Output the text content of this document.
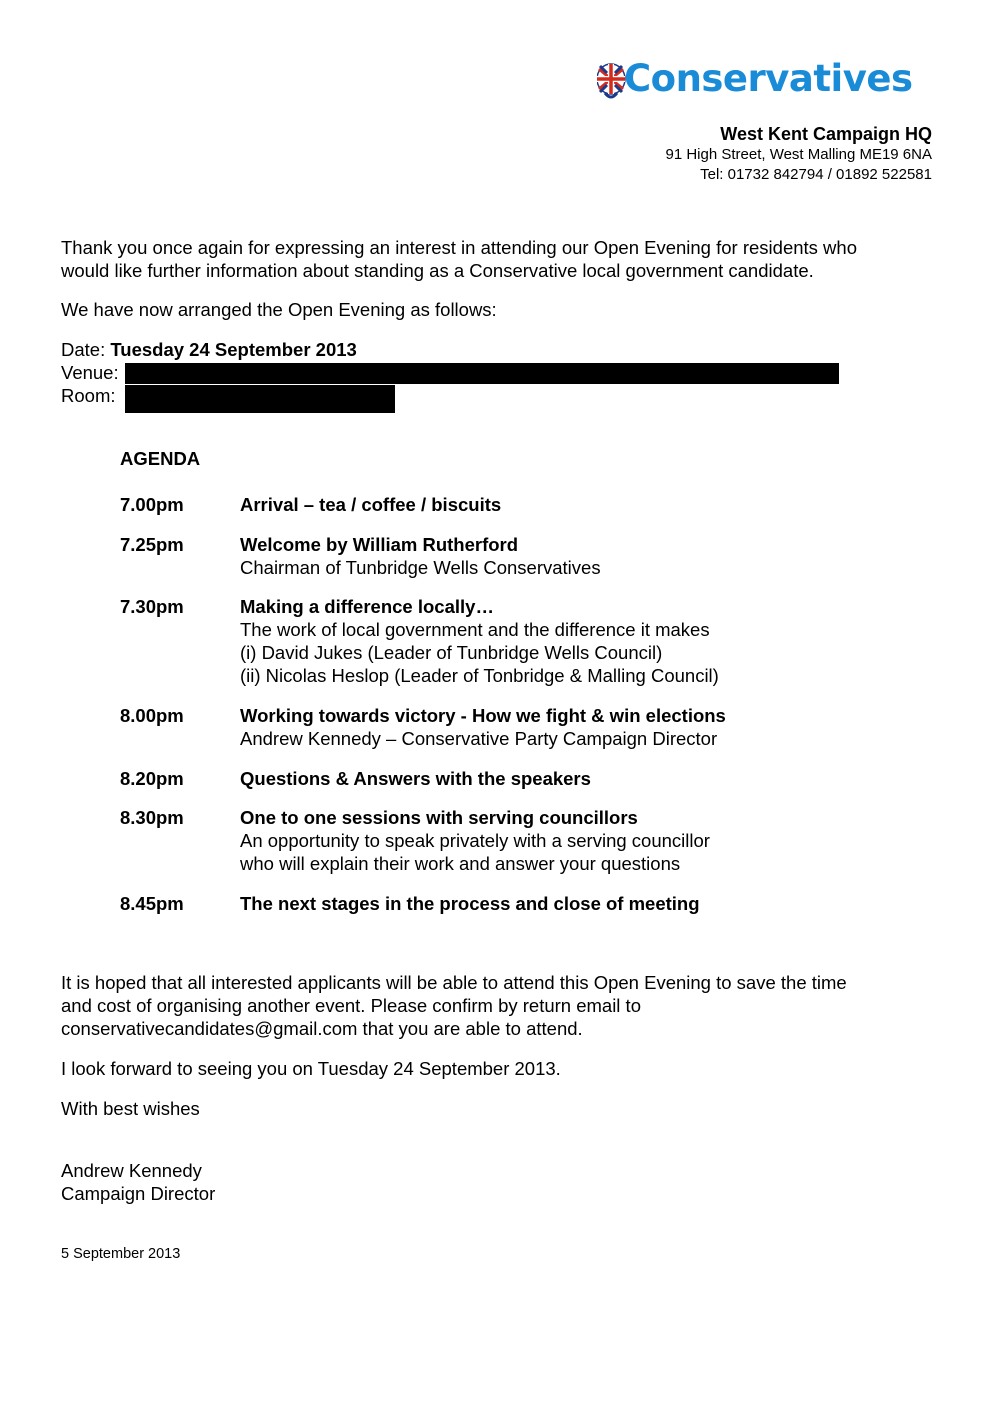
Conservatives
West Kent Campaign HQ
91 High Street, West Malling ME19 6NA
Tel: 01732 842794 / 01892 522581
Thank you once again for expressing an interest in attending our Open Evening for residents who
would like further information about standing as a Conservative local government candidate.
We have now arranged the Open Evening as follows:
Date: Tuesday 24 September 2013
Venue:
Room:
AGENDA
7.00pm	Arrival – tea / coffee / biscuits
7.25pm	Welcome by William Rutherford
Chairman of Tunbridge Wells Conservatives
7.30pm	Making a difference locally…
The work of local government and the difference it makes
(i) David Jukes (Leader of Tunbridge Wells Council)
(ii) Nicolas Heslop (Leader of Tonbridge & Malling Council)
8.00pm	Working towards victory - How we fight & win elections
Andrew Kennedy – Conservative Party Campaign Director
8.20pm	Questions & Answers with the speakers
8.30pm	One to one sessions with serving councillors
An opportunity to speak privately with a serving councillor
who will explain their work and answer your questions
8.45pm	The next stages in the process and close of meeting
It is hoped that all interested applicants will be able to attend this Open Evening to save the time
and cost of organising another event. Please confirm by return email to
conservativecandidates@gmail.com that you are able to attend.
I look forward to seeing you on Tuesday 24 September 2013.
With best wishes
Andrew Kennedy
Campaign Director
5 September 2013
